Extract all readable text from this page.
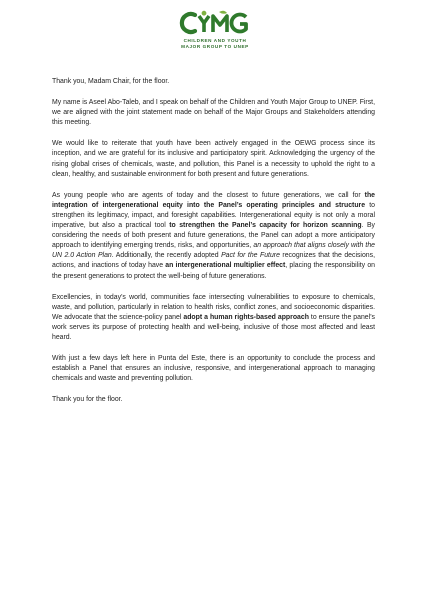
CHILDREN AND YOUTH
MAJOR GROUP TO UNEP

Thank you, Madam Chair, for the floor.

My name is Aseel Abo-Taleb, and I speak on behalf of the Children and Youth Major Group to UNEP. First, we are aligned with the joint statement made on behalf of the Major Groups and Stakeholders attending this meeting.

We would like to reiterate that youth have been actively engaged in the OEWG process since its inception, and we are grateful for its inclusive and participatory spirit. Acknowledging the urgency of the rising global crises of chemicals, waste, and pollution, this Panel is a necessity to uphold the right to a clean, healthy, and sustainable environment for both present and future generations.

As young people who are agents of today and the closest to future generations, we call for the integration of intergenerational equity into the Panel’s operating principles and structure to strengthen its legitimacy, impact, and foresight capabilities. Intergenerational equity is not only a moral imperative, but also a practical tool to strengthen the Panel’s capacity for horizon scanning. By considering the needs of both present and future generations, the Panel can adopt a more anticipatory approach to identifying emerging trends, risks, and opportunities, an approach that aligns closely with the UN 2.0 Action Plan. Additionally, the recently adopted Pact for the Future recognizes that the decisions, actions, and inactions of today have an intergenerational multiplier effect, placing the responsibility on the present generations to protect the well-being of future generations.

Excellencies, in today’s world, communities face intersecting vulnerabilities to exposure to chemicals, waste, and pollution, particularly in relation to health risks, conflict zones, and socioeconomic disparities. We advocate that the science-policy panel adopt a human rights-based approach to ensure the panel’s work serves its purpose of protecting health and well-being, inclusive of those most affected and least heard.

With just a few days left here in Punta del Este, there is an opportunity to conclude the process and establish a Panel that ensures an inclusive, responsive, and intergenerational approach to managing chemicals and waste and preventing pollution.

Thank you for the floor.
